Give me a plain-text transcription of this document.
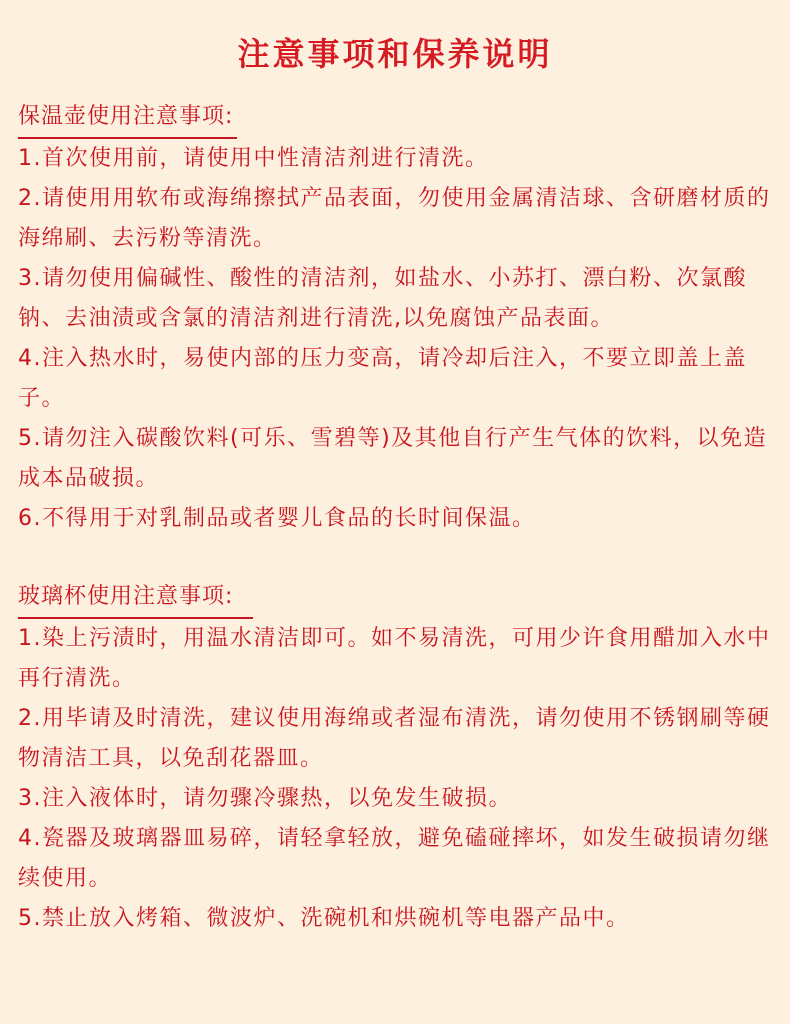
注意事项和保养说明
保温壶使用注意事项:

1.首次使用前，请使用中性清洁剂进行清洗。

2.请使用用软布或海绵擦拭产品表面，勿使用金属清洁球、含研磨材质的海绵刷、去污粉等清洗。

3.请勿使用偏碱性、酸性的清洁剂，如盐水、小苏打、漂白粉、次氯酸钠、去油渍或含氯的清洁剂进行清洗,以免腐蚀产品表面。

4.注入热水时，易使内部的压力变高，请冷却后注入，不要立即盖上盖子。

5.请勿注入碳酸饮料(可乐、雪碧等)及其他自行产生气体的饮料，以免造成本品破损。

6.不得用于对乳制品或者婴儿食品的长时间保温。

玻璃杯使用注意事项:

1.染上污渍时，用温水清洁即可。如不易清洗，可用少许食用醋加入水中再行清洗。

2.用毕请及时清洗，建议使用海绵或者湿布清洗，请勿使用不锈钢刷等硬物清洁工具，以免刮花器皿。

3.注入液体时，请勿骤冷骤热，以免发生破损。

4.瓷器及玻璃器皿易碎，请轻拿轻放，避免磕碰摔坏，如发生破损请勿继续使用。

5.禁止放入烤箱、微波炉、洗碗机和烘碗机等电器产品中。
